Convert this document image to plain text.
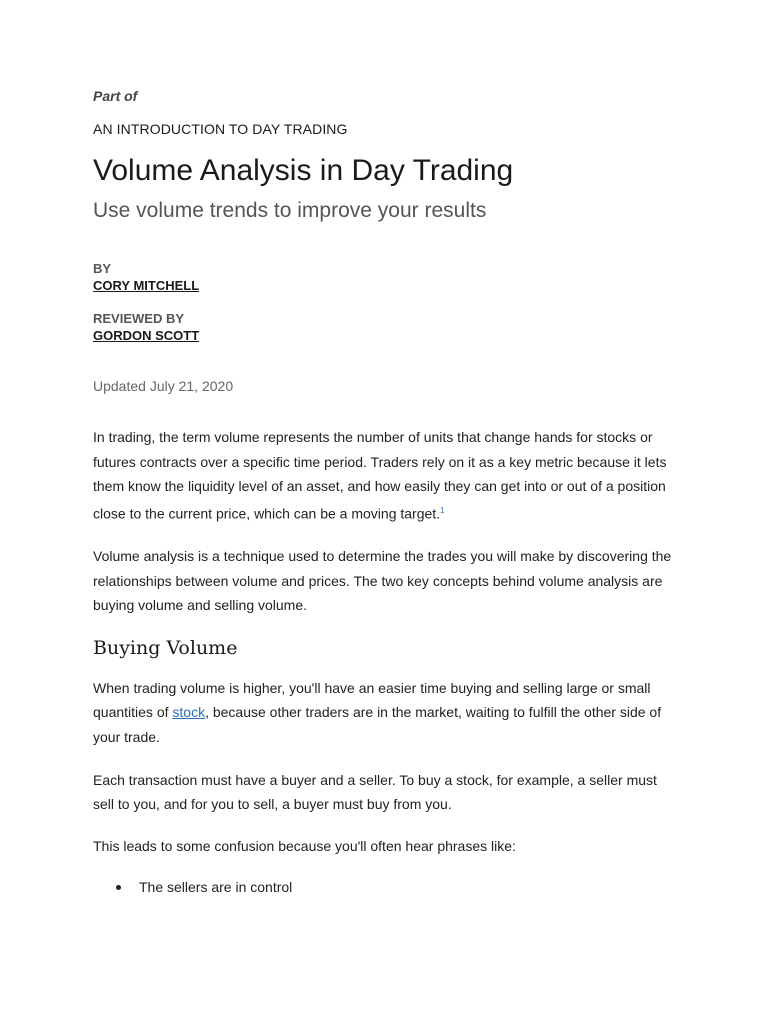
Part of

AN INTRODUCTION TO DAY TRADING

Volume Analysis in Day Trading

Use volume trends to improve your results

BY

CORY MITCHELL

REVIEWED BY

GORDON SCOTT

Updated July 21, 2020

In trading, the term volume represents the number of units that change hands for stocks or futures contracts over a specific time period. Traders rely on it as a key metric because it lets them know the liquidity level of an asset, and how easily they can get into or out of a position close to the current price, which can be a moving target.$^1$

Volume analysis is a technique used to determine the trades you will make by discovering the relationships between volume and prices. The two key concepts behind volume analysis are buying volume and selling volume.

Buying Volume

When trading volume is higher, you'll have an easier time buying and selling large or small quantities of stock, because other traders are in the market, waiting to fulfill the other side of your trade.

Each transaction must have a buyer and a seller. To buy a stock, for example, a seller must sell to you, and for you to sell, a buyer must buy from you.

This leads to some confusion because you'll often hear phrases like:

The sellers are in control
